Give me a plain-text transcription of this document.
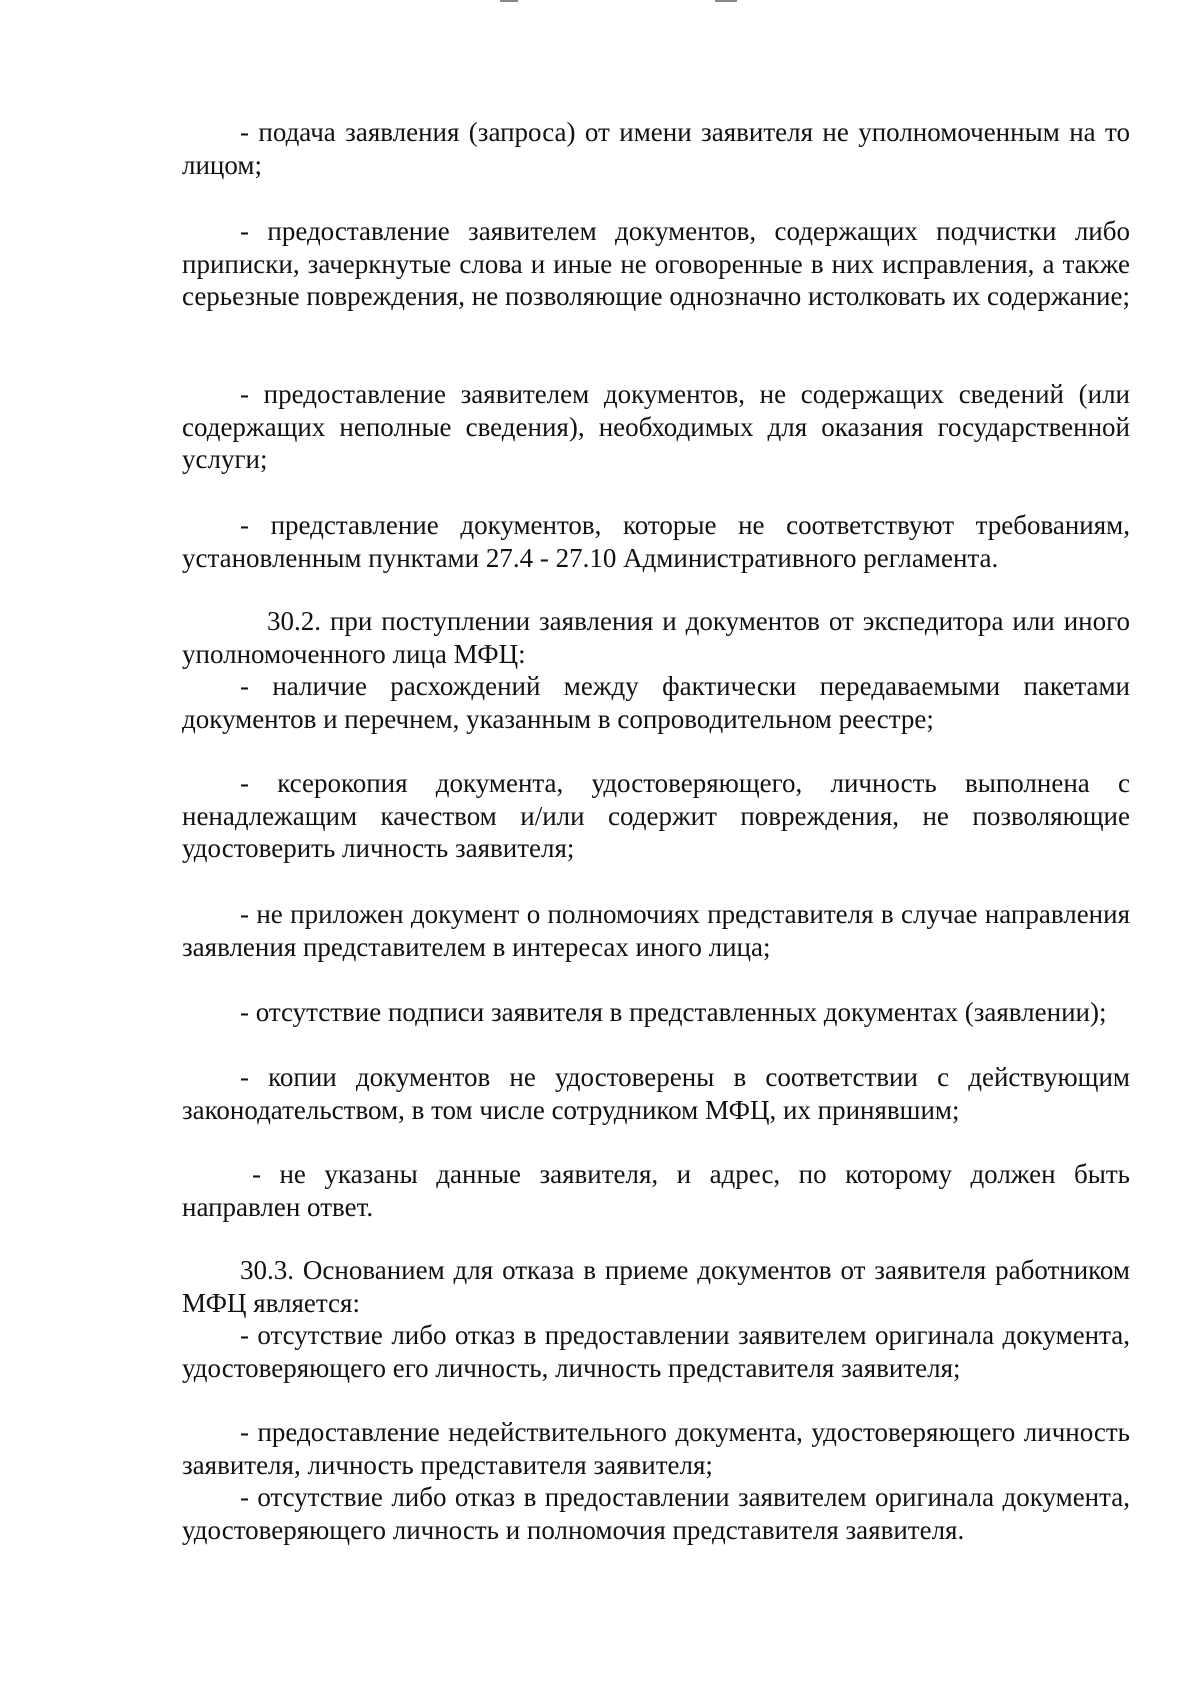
- подача заявления (запроса) от имени заявителя не уполномоченным на то лицом;

- предоставление заявителем документов, содержащих подчистки либо приписки, зачеркнутые слова и иные не оговоренные в них исправления, а также серьезные повреждения, не позволяющие однозначно истолковать их содержание;

- предоставление заявителем документов, не содержащих сведений (или содержащих неполные сведения), необходимых для оказания государственной услуги;

- представление документов, которые не соответствуют требованиям, установленным пунктами 27.4 - 27.10 Административного регламента.

30.2. при поступлении заявления и документов от экспедитора или иного уполномоченного лица МФЦ:

- наличие расхождений между фактически передаваемыми пакетами документов и перечнем, указанным в сопроводительном реестре;

- ксерокопия документа, удостоверяющего, личность выполнена с ненадлежащим качеством и/или содержит повреждения, не позволяющие удостоверить личность заявителя;

- не приложен документ о полномочиях представителя в случае направления заявления представителем в интересах иного лица;

- отсутствие подписи заявителя в представленных документах (заявлении);

- копии документов не удостоверены в соответствии с действующим законодательством, в том числе сотрудником МФЦ, их принявшим;

- не указаны данные заявителя, и адрес, по которому должен быть направлен ответ.

30.3. Основанием для отказа в приеме документов от заявителя работником МФЦ является:

- отсутствие либо отказ в предоставлении заявителем оригинала документа, удостоверяющего его личность, личность представителя заявителя;

- предоставление недействительного документа, удостоверяющего личность заявителя, личность представителя заявителя;

- отсутствие либо отказ в предоставлении заявителем оригинала документа, удостоверяющего личность и полномочия представителя заявителя.
